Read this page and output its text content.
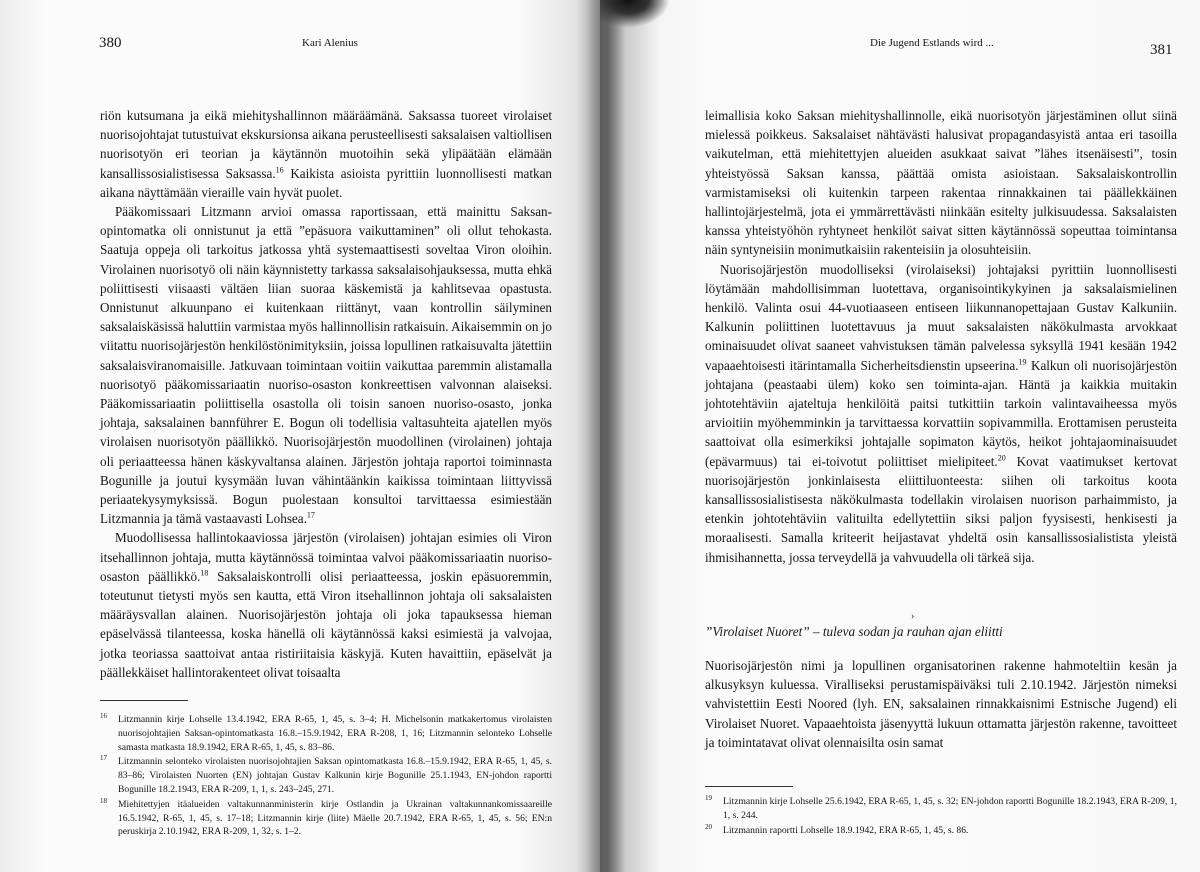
380	Kari Alenius

riön kutsumana ja eikä miehityshallinnon määräämänä. Saksassa tuoreet virolaiset nuorisojohtajat tutustuivat ekskursionsa aikana perusteellisesti saksalaisen valtiollisen nuorisotyön eri teorian ja käytännön muotoihin sekä ylipäätään elämään kansallissosialistisessa Saksassa.$^{16}$ Kaikista asioista pyrittiin luonnollisesti matkan aikana näyttämään vieraille vain hyvät puolet.

Pääkomissaari Litzmann arvioi omassa raportissaan, että mainittu Saksan-opintomatka oli onnistunut ja että ”epäsuora vaikuttaminen” oli ollut tehokasta. Saatuja oppeja oli tarkoitus jatkossa yhtä systemaattisesti soveltaa Viron oloihin. Virolainen nuorisotyö oli näin käynnistetty tarkassa saksalaisohjauksessa, mutta ehkä poliittisesti viisaasti vältäen liian suoraa käskemistä ja kahlitsevaa opastusta. Onnistunut alkuunpano ei kuitenkaan riittänyt, vaan kontrollin säilyminen saksalaiskäsissä haluttiin varmistaa myös hallinnollisin ratkaisuin. Aikaisemmin on jo viitattu nuorisojärjestön henkilöstönimityksiin, joissa lopullinen ratkaisuvalta jätettiin saksalaisviranomaisille. Jatkuvaan toimintaan voitiin vaikuttaa paremmin alistamalla nuorisotyö pääkomissariaatin nuoriso-osaston konkreettisen valvonnan alaiseksi. Pääkomissariaatin poliittisella osastolla oli toisin sanoen nuoriso-osasto, jonka johtaja, saksalainen bannführer E. Bogun oli todellisia valtasuhteita ajatellen myös virolaisen nuorisotyön päällikkö. Nuorisojärjestön muodollinen (virolainen) johtaja oli periaatteessa hänen käskyvaltansa alainen. Järjestön johtaja raportoi toiminnasta Bogunille ja joutui kysymään luvan vähintäänkin kaikissa toimintaan liittyvissä periaatekysymyksissä. Bogun puolestaan konsultoi tarvittaessa esimiestään Litzmannia ja tämä vastaavasti Lohsea.$^{17}$

Muodollisessa hallintokaaviossa järjestön (virolaisen) johtajan esimies oli Viron itsehallinnon johtaja, mutta käytännössä toimintaa valvoi pääkomissariaatin nuoriso-osaston päällikkö.$^{18}$ Saksalaiskontrolli olisi periaatteessa, joskin epäsuoremmin, toteutunut tietysti myös sen kautta, että Viron itsehallinnon johtaja oli saksalaisten määräysvallan alainen. Nuorisojärjestön johtaja oli joka tapauksessa hieman epäselvässä tilanteessa, koska hänellä oli käytännössä kaksi esimiestä ja valvojaa, jotka teoriassa saattoivat antaa ristiriitaisia käskyjä. Kuten havaittiin, epäselvät ja päällekkäiset hallintorakenteet olivat toisaalta

16 Litzmannin kirje Lohselle 13.4.1942, ERA R-65, 1, 45, s. 3–4; H. Michelsonin matkakertomus virolaisten nuorisojohtajien Saksan-opintomatkasta 16.8.–15.9.1942, ERA R-208, 1, 16; Litzmannin selonteko Lohselle samasta matkasta 18.9.1942, ERA R-65, 1, 45, s. 83–86.
17 Litzmannin selonteko virolaisten nuorisojohtajien Saksan opintomatkasta 16.8.–15.9.1942, ERA R-65, 1, 45, s. 83–86; Virolaisten Nuorten (EN) johtajan Gustav Kalkunin kirje Bogunille 25.1.1943, EN-johdon raportti Bogunille 18.2.1943, ERA R-209, 1, 1, s. 243–245, 271.
18 Miehitettyjen itäalueiden valtakunnanministerin kirje Ostlandin ja Ukrainan valtakunnankomissaareille 16.5.1942, R-65, 1, 45, s. 17–18; Litzmannin kirje (liite) Mäelle 20.7.1942, ERA R-65, 1, 45, s. 56; EN:n peruskirja 2.10.1942, ERA R-209, 1, 32, s. 1–2.
Die Jugend Estlands wird ...	381

leimallisia koko Saksan miehityshallinnolle, eikä nuorisotyön järjestäminen ollut siinä mielessä poikkeus. Saksalaiset nähtävästi halusivat propagandasyistä antaa eri tasoilla vaikutelman, että miehitettyjen alueiden asukkaat saivat ”lähes itsenäisesti”, tosin yhteistyössä Saksan kanssa, päättää omista asioistaan. Saksalaiskontrollin varmistamiseksi oli kuitenkin tarpeen rakentaa rinnakkainen tai päällekkäinen hallintojärjestelmä, jota ei ymmärrettävästi niinkään esitelty julkisuudessa. Saksalaisten kanssa yhteistyöhön ryhtyneet henkilöt saivat sitten käytännössä sopeuttaa toimintansa näin syntyneisiin monimutkaisiin rakenteisiin ja olosuhteisiin.

Nuorisojärjestön muodolliseksi (virolaiseksi) johtajaksi pyrittiin luonnollisesti löytämään mahdollisimman luotettava, organisointikykyinen ja saksalaismielinen henkilö. Valinta osui 44-vuotiaaseen entiseen liikunnanopettajaan Gustav Kalkuniin. Kalkunin poliittinen luotettavuus ja muut saksalaisten näkökulmasta arvokkaat ominaisuudet olivat saaneet vahvistuksen tämän palvelessa syksyllä 1941 kesään 1942 vapaaehtoisesti itärintamalla Sicherheitsdienstin upseerina.$^{19}$ Kalkun oli nuorisojärjestön johtajana (peastaabi ülem) koko sen toiminta-ajan. Häntä ja kaikkia muitakin johtotehtäviin ajateltuja henkilöitä paitsi tutkittiin tarkoin valintavaiheessa myös arvioitiin myöhemminkin ja tarvittaessa korvattiin sopivammilla. Erottamisen perusteita saattoivat olla esimerkiksi johtajalle sopimaton käytös, heikot johtajaominaisuudet (epävarmuus) tai ei-toivotut poliittiset mielipiteet.$^{20}$ Kovat vaatimukset kertovat nuorisojärjestön jonkinlaisesta eliittiluonteesta: siihen oli tarkoitus koota kansallissosialistisesta näkökulmasta todellakin virolaisen nuorison parhaimmisto, ja etenkin johtotehtäviin valituilta edellytettiin siksi paljon fyysisesti, henkisesti ja moraalisesti. Samalla kriteerit heijastavat yhdeltä osin kansallissosialistista yleistä ihmisihannetta, jossa terveydellä ja vahvuudella oli tärkeä sija.

›
”Virolaiset Nuoret” – tuleva sodan ja rauhan ajan eliitti

Nuorisojärjestön nimi ja lopullinen organisatorinen rakenne hahmoteltiin kesän ja alkusyksyn kuluessa. Viralliseksi perustamispäiväksi tuli 2.10.1942. Järjestön nimeksi vahvistettiin Eesti Noored (lyh. EN, saksalainen rinnakkaisnimi Estnische Jugend) eli Virolaiset Nuoret. Vapaaehtoista jäsenyyttä lukuun ottamatta järjestön rakenne, tavoitteet ja toimintatavat olivat olennaisilta osin samat

19 Litzmannin kirje Lohselle 25.6.1942, ERA R-65, 1, 45, s. 32; EN-johdon raportti Bogunille 18.2.1943, ERA R-209, 1, 1, s. 244.
20 Litzmannin raportti Lohselle 18.9.1942, ERA R-65, 1, 45, s. 86.
